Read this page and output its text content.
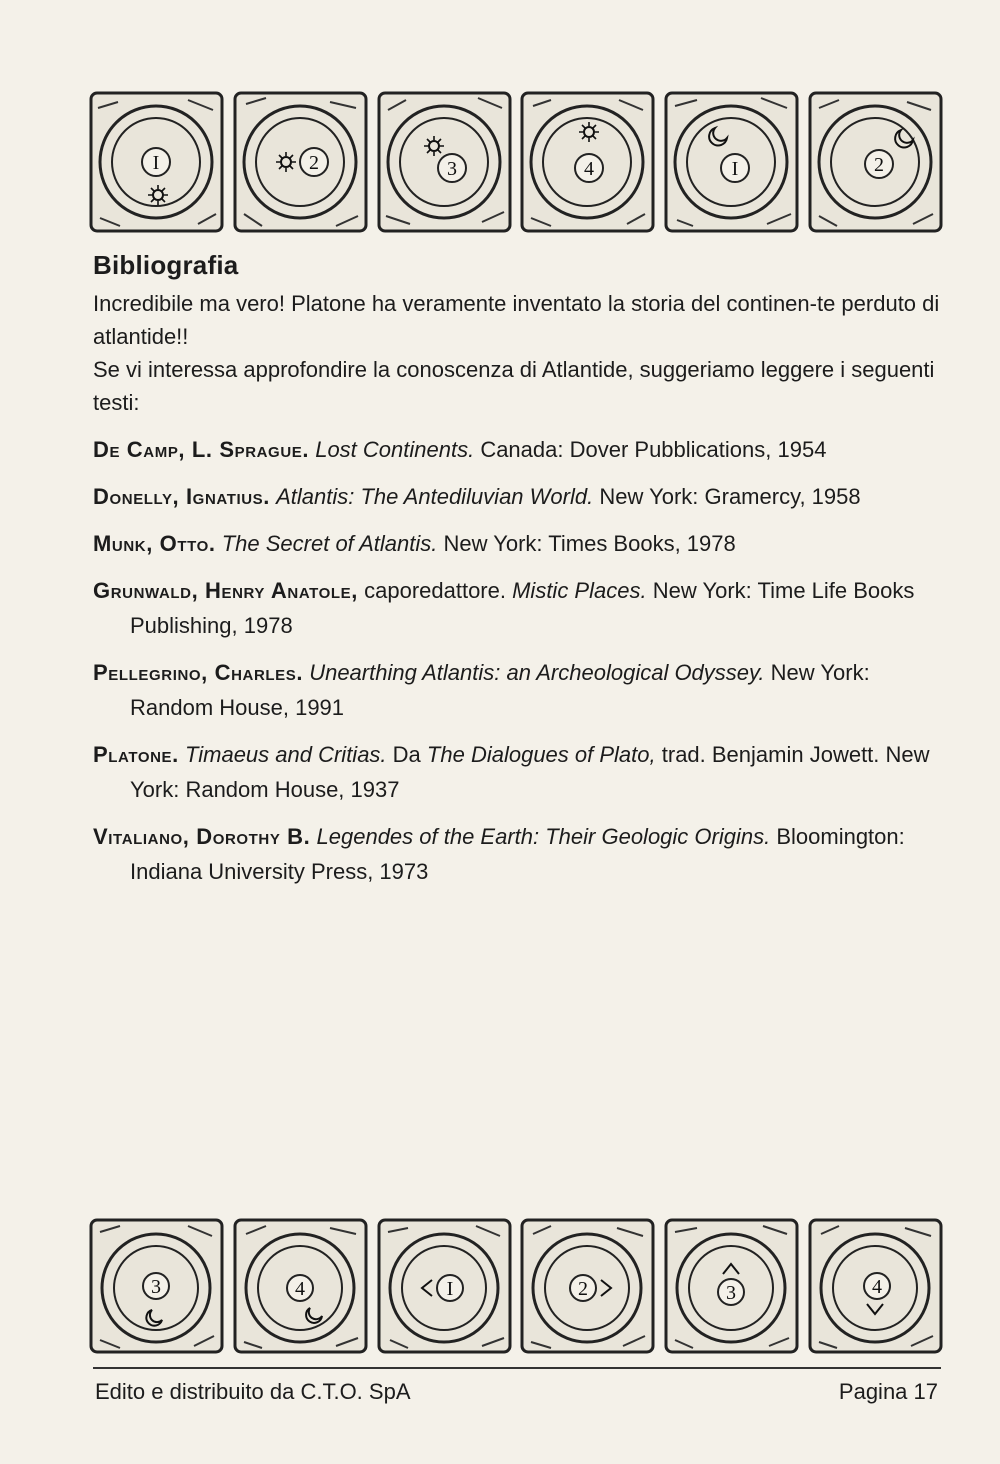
I	2	3	4	I	2
Bibliografia

Incredibile ma vero! Platone ha veramente inventato la storia del continen-te perduto di atlantide!!

Se vi interessa approfondire la conoscenza di Atlantide, suggeriamo leggere i seguenti testi:

De Camp, L. Sprague. Lost Continents. Canada: Dover Pubblications, 1954
Donelly, Ignatius. Atlantis: The Antediluvian World. New York: Gramercy, 1958
Munk, Otto. The Secret of Atlantis. New York: Times Books, 1978
Grunwald, Henry Anatole, caporedattore. Mistic Places. New York: Time Life Books Publishing, 1978
Pellegrino, Charles. Unearthing Atlantis: an Archeological Odyssey. New York: Random House, 1991
Platone. Timaeus and Critias. Da The Dialogues of Plato, trad. Benjamin Jowett. New York: Random House, 1937
Vitaliano, Dorothy B. Legendes of the Earth: Their Geologic Origins. Bloomington: Indiana University Press, 1973
3	4	I	2	3	4
Edito e distribuito da C.T.O. SpA	Pagina 17
